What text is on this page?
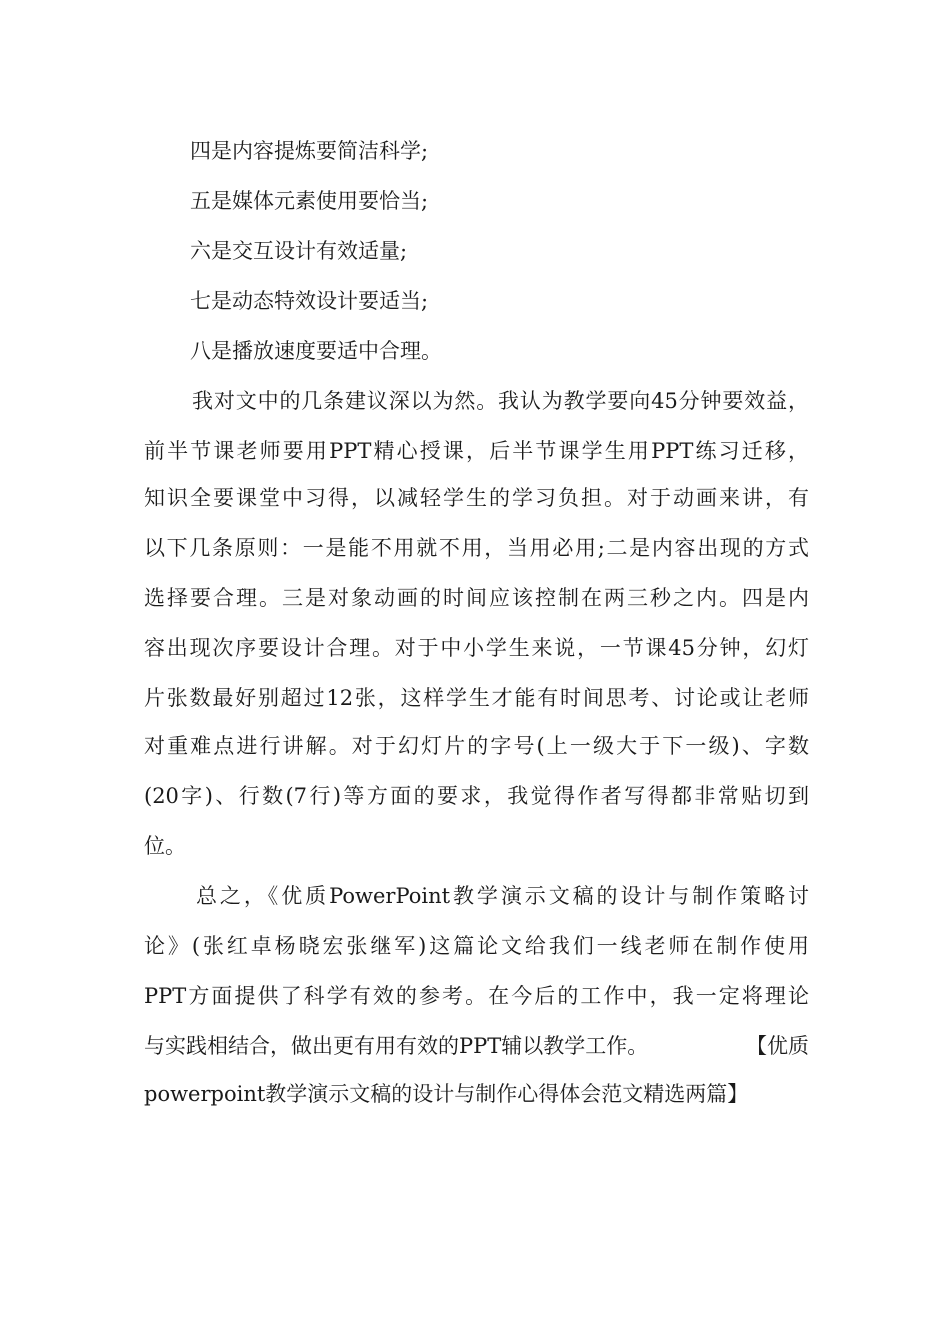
四是内容提炼要简洁科学;
五是媒体元素使用要恰当;
六是交互设计有效适量;
七是动态特效设计要适当;
八是播放速度要适中合理。
我对文中的几条建议深以为然。我认为教学要向45分钟要效益，
前半节课老师要用PPT精心授课，后半节课学生用PPT练习迁移，
知识全要课堂中习得，以减轻学生的学习负担。对于动画来讲，有
以下几条原则：一是能不用就不用，当用必用;二是内容出现的方式
选择要合理。三是对象动画的时间应该控制在两三秒之内。四是内
容出现次序要设计合理。对于中小学生来说，一节课45分钟，幻灯
片张数最好别超过12张，这样学生才能有时间思考、讨论或让老师
对重难点进行讲解。对于幻灯片的字号(上一级大于下一级)、字数
(20字)、行数(7行)等方面的要求，我觉得作者写得都非常贴切到
位。
总之，《优质PowerPoint教学演示文稿的设计与制作策略讨
论》(张红卓杨晓宏张继军)这篇论文给我们一线老师在制作使用
PPT方面提供了科学有效的参考。在今后的工作中，我一定将理论
与实践相结合，做出更有用有效的PPT辅以教学工作。	【优质
powerpoint教学演示文稿的设计与制作心得体会范文精选两篇】
